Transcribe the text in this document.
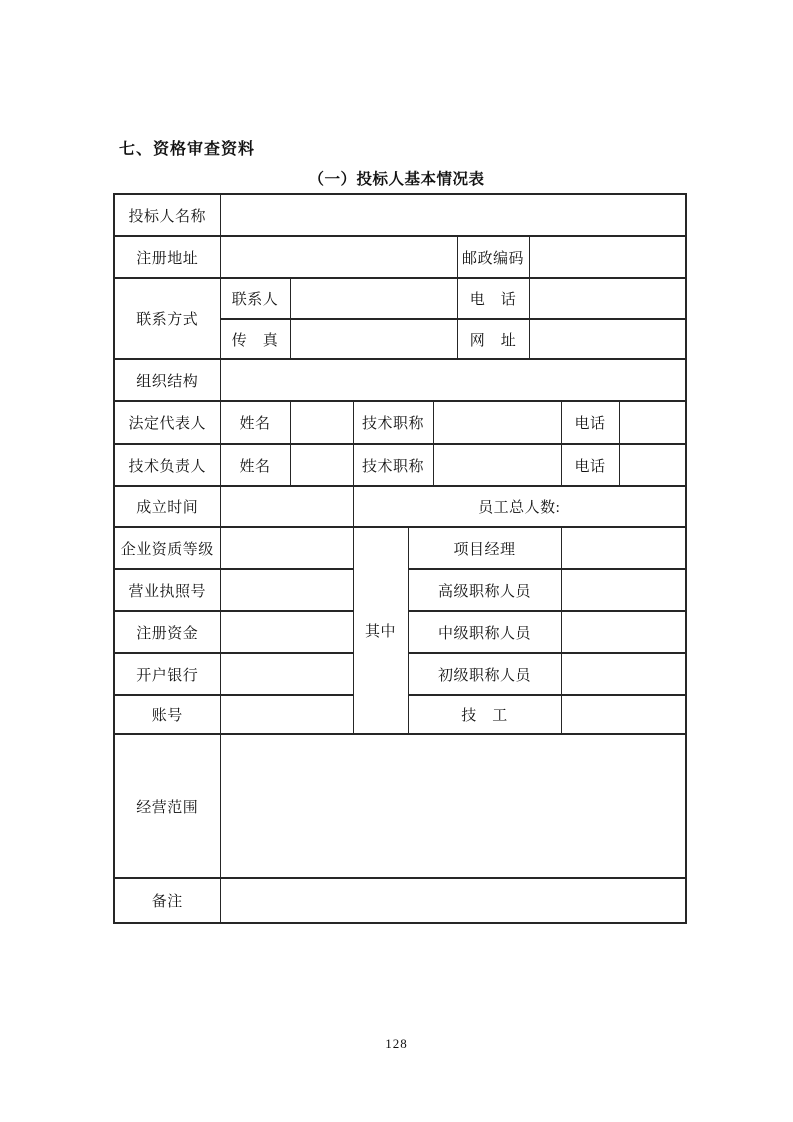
七、资格审查资料
（一）投标人基本情况表
投标人名称									
注册地址						邮政编码			
联系方式	联系人					电　话			
	传　真					网　址			
组织结构									
法定代表人	姓名		技术职称					电话	
技术负责人	姓名		技术职称					电话	
成立时间			员工总人数:						
企业资质等级			其中	项目经理					
营业执照号				高级职称人员					
注册资金				中级职称人员					
开户银行				初级职称人员					
账号				技　工					
经营范围									
备注									
128
